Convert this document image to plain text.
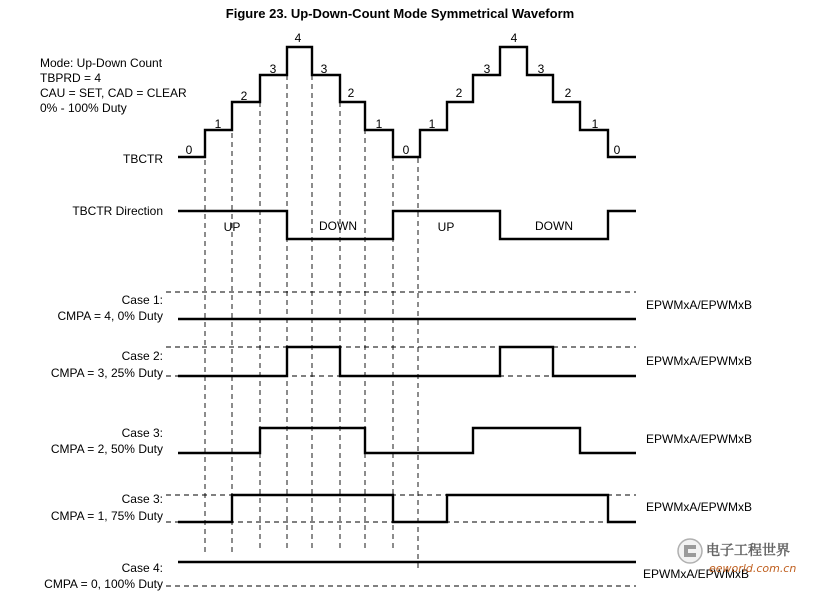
Figure 23. Up-Down-Count Mode Symmetrical Waveform
Mode: Up-Down Count
TBPRD = 4
CAU = SET, CAD = CLEAR
0% - 100% Duty
TBCTR
TBCTR Direction
0
1
2
3
4
3
2
1
0
1
2
3
4
3
2
1
0
UP	DOWN	UP	DOWN
Case 1:
CMPA = 4, 0% Duty
EPWMxA/EPWMxB
Case 2:
CMPA = 3, 25% Duty
EPWMxA/EPWMxB
Case 3:
CMPA = 2, 50% Duty
EPWMxA/EPWMxB
Case 3:
CMPA = 1, 75% Duty
EPWMxA/EPWMxB
Case 4:
CMPA = 0, 100% Duty
EPWMxA/EPWMxB
电子工程世界
eeworld.com.cn
